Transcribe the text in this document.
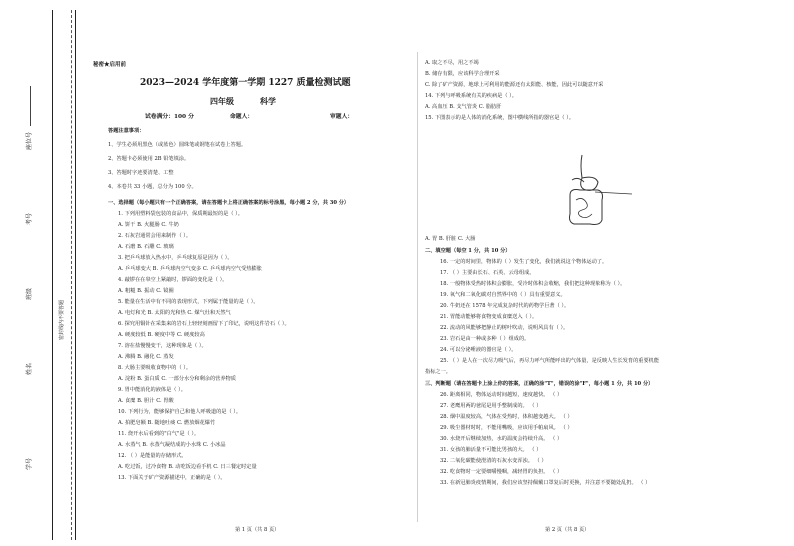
座位号
考号
班级
姓名
学号
密封线内不要答题
秘密★启用前
2023—2024 学年度第一学期 1227 质量检测试题
四年级	科学
试卷满分：100 分	命题人：	审题人：
答题注意事项：
1、学生必须用黑色（或蓝色）圆珠笔或钢笔在试卷上答题。
2、答题卡必须使用 2B 铅笔填涂。
3、答题时字迹要清楚、工整
4、本卷共 33 小题，总分为 100 分。
一、选择题（每小题只有一个正确答案，请在答题卡上将正确答案的标号涂黑，每小题 2 分，共 30 分）
1. 下列用塑料袋包装的食品中，保质期最短的是（ ）。
A. 饼干 B. 火腿肠 C. 牛奶
2. 石灰岩通常会用来制作（ ）。
A. 石磨 B. 石雕 C. 玻璃
3. 把乒乓球放入热水中，乒乓球复原是因为（ ）。
A. 乒乓球变大 B. 乒乓球内空气变多 C. 乒乓球内空气受热膨胀
4. 敲锣在在皋空上紧敲时，锣面的变化是（ ）。
A. 粗糙 B. 振动 C. 镜圈
5. 能量在生活中有不同的表现形式，下列属于能量的是（ ）。
A. 电灯和光 B. 太阳的光和热 C. 煤气灶和天然气
6. 探究用铜针在采集来的岩石上轻轻刻画留下了印记，说明这件岩石（ ）。
A. 硬度较低 B. 硬度中等 C. 硬度较高
7. 溶在盐慢慢变干，这种现象是（ ）。
A. 沸腾 B. 融化 C. 蒸发
8. 大肠主要吸收食物中的（ ）。
A. 淀粉 B. 蛋白质 C. 一部分水分和剩余的营养物质
9. 胃中能消化的液体是（ ）。
A. 食糜 B. 胆汁 C. 胃酸
10. 下列行为，能够保护自己和他人呼吸道的是（ ）。
A. 拍肥皂额 B. 随地吐痰 C. 燃放烟花爆竹
11. 烧开水后看到的"白气"是（ ）。
A. 水蒸气 B. 水蒸气凝结成的小水珠 C. 小冰晶
12. （ ）是能量的存储形式。
A. 吃过饭，过冷食物 B. 动吃饭边看手机 C. 日三餐定时定量
13. 下面关于矿产资源描述中，正确的是（ ）。
第 1 页（共 8 页）
A. 取之不尽，用之不竭
B. 储存有限，应该科学合理开采
C. 除了矿产资源，地球上可利用的能源还有太阳能、核能，因此可以随意开采
14. 下列与呼吸系统有关的疾病是（ ）。
A. 高血压 B. 支气管炎 C. 脂肪肝
15. 下图表示的是人体的消化系统，图中横线所指的器官是（ ）。
A. 胃 B. 肝脏 C. 大肠
二、填空题（每空 1 分，共 10 分）
16. 一定的时间里，物体的（ ）发生了变化，我们就说这个物体运动了。
17. （ ）主要由长石、石英、云母组成。
18. 一般物体受热时体积会膨胀，受冷时体积会收缩，我们把这种现象称为（ ）。
19. 氧气和二氧化碳对自然界中的（ ）具有重要意义。
20. 牛奶还在 1578 年完成复杂时代的药物学巨著（ ）。
21. 胃能动能够将食物变成食糜送入（ ）。
22. 流动的风能够把静止的树叶吹动，说明风具有（ ）。
23. 岩石是由一种或多种（ ）组成的。
24. 可以分泌唾液的器官是（ ）。
25. （ ）是人在一次尽力吸气后，再尽力呼气所能呼出的气体量，是反映人生长发育的重要机能
指标之一。
三、判断题（请在答题卡上涂上你的答案，正确的涂"T"，错误的涂"F"，每小题 1 分，共 10 分）
26. 距离相同，物体运动时间越短，速度越快。 （ ）
27. 老鹰用两的爸尾是用手整制成的。 （ ）
28. 烟中温度较高，气体在受热时，体积越变越大。 （ ）
29. 吸尘器材时时，不能用嘴吸，应该用手帕扇风。 （ ）
30. 水烧开后继续加热，水的温度会持续升高。 （ ）
31. 女孩的肺活量不可能比男孩的大。 （ ）
32. 二氧化碳能使澄清的石灰水变浑浊。 （ ）
32. 吃食物时一定要细嚼慢咽，减轻胃的负担。 （ ）
33. 在新冠肺炎疫情期间，我们应该坚持佩戴口罩复后时更换，并注意不要随处乱扔。 （ ）
第 2 页（共 8 页）
